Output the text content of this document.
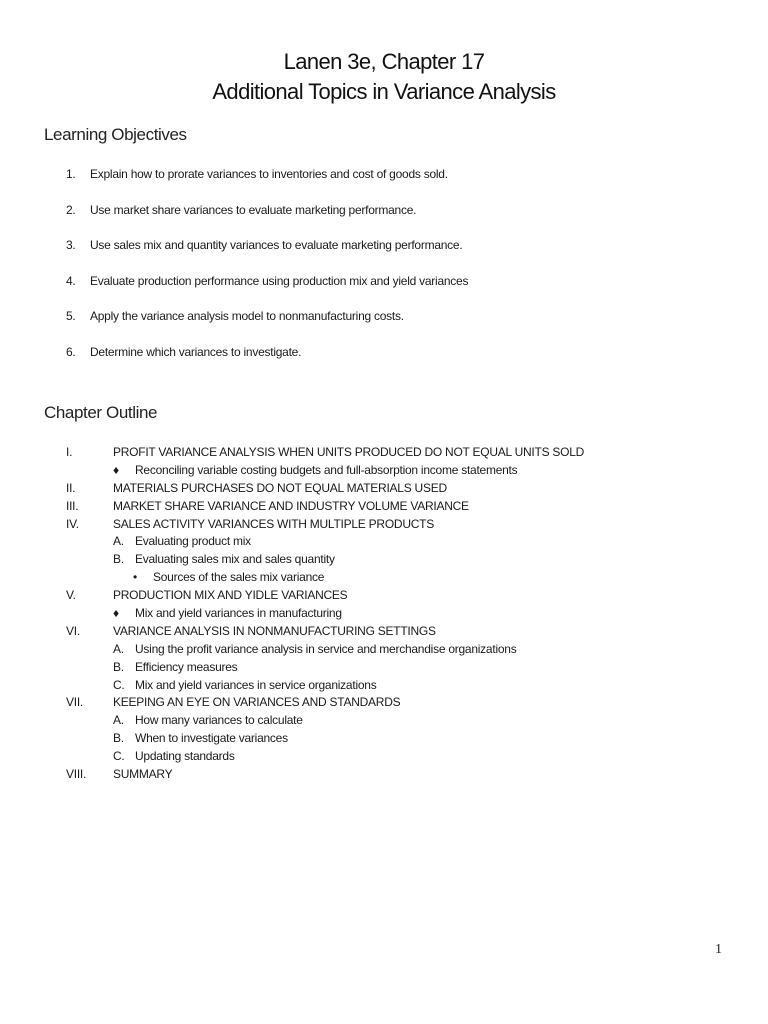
Lanen 3e, Chapter 17
Additional Topics in Variance Analysis
Learning Objectives
1.	Explain how to prorate variances to inventories and cost of goods sold.
2.	Use market share variances to evaluate marketing performance.
3.	Use sales mix and quantity variances to evaluate marketing performance.
4.	Evaluate production performance using production mix and yield variances
5.	Apply the variance analysis model to nonmanufacturing costs.
6.	Determine which variances to investigate.
Chapter Outline
I.	PROFIT VARIANCE ANALYSIS WHEN UNITS PRODUCED DO NOT EQUAL UNITS SOLD
♦	Reconciling variable costing budgets and full-absorption income statements
II.	MATERIALS PURCHASES DO NOT EQUAL MATERIALS USED
III.	MARKET SHARE VARIANCE AND INDUSTRY VOLUME VARIANCE
IV.	SALES ACTIVITY VARIANCES WITH MULTIPLE PRODUCTS
A. Evaluating product mix
B. Evaluating sales mix and sales quantity
•	Sources of the sales mix variance
V.	PRODUCTION MIX AND YIDLE VARIANCES
♦	Mix and yield variances in manufacturing
VI.	VARIANCE ANALYSIS IN NONMANUFACTURING SETTINGS
A. Using the profit variance analysis in service and merchandise organizations
B. Efficiency measures
C. Mix and yield variances in service organizations
VII.	KEEPING AN EYE ON VARIANCES AND STANDARDS
A. How many variances to calculate
B. When to investigate variances
C. Updating standards
VIII.	SUMMARY
1
